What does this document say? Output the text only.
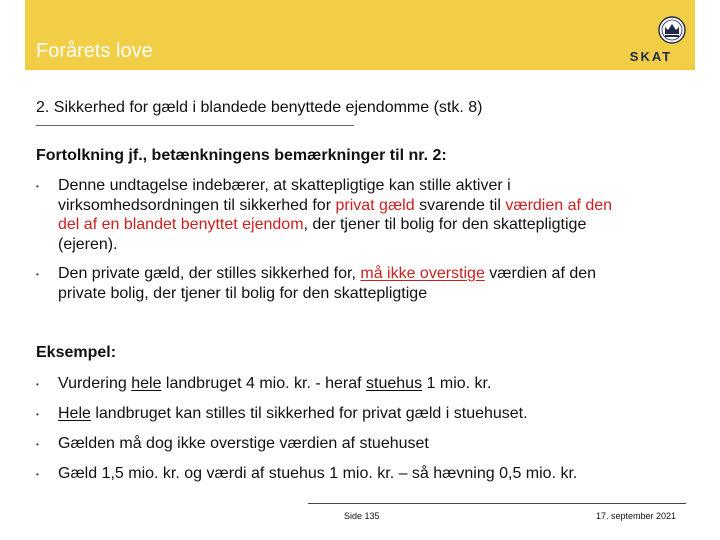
Forårets love	SKAT
2. Sikkerhed for gæld i blandede benyttede ejendomme (stk. 8)
Fortolkning jf., betænkningens bemærkninger til nr. 2:
• Denne undtagelse indebærer, at skattepligtige kan stille aktiver i
virksomhedsordningen til sikkerhed for privat gæld svarende til værdien af den
del af en blandet benyttet ejendom, der tjener til bolig for den skattepligtige
(ejeren).
• Den private gæld, der stilles sikkerhed for, må ikke overstige værdien af den
private bolig, der tjener til bolig for den skattepligtige
Eksempel:
• Vurdering hele landbruget 4 mio. kr. - heraf stuehus 1 mio. kr.
• Hele landbruget kan stilles til sikkerhed for privat gæld i stuehuset.
• Gælden må dog ikke overstige værdien af stuehuset
• Gæld 1,5 mio. kr. og værdi af stuehus 1 mio. kr. – så hævning 0,5 mio. kr.
Side 135	17. september 2021
